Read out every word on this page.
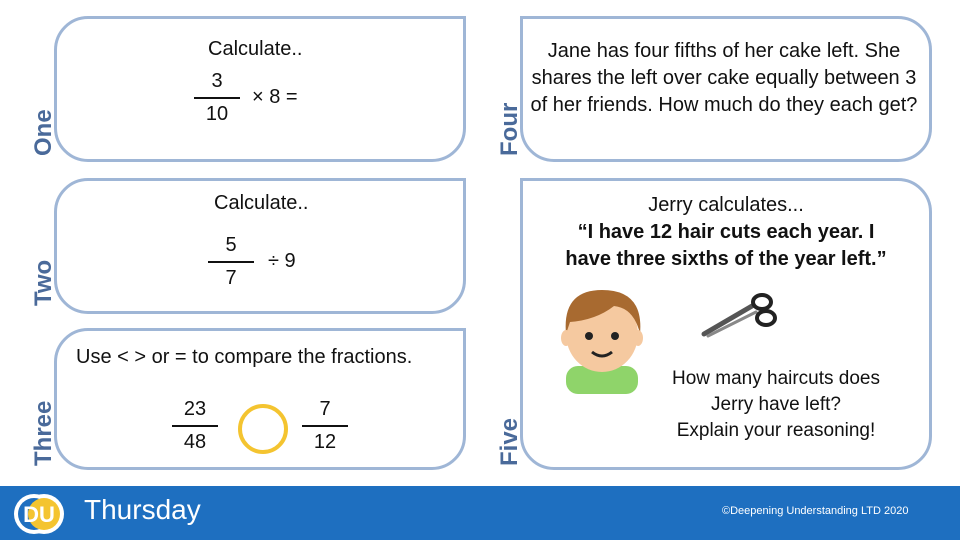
One
Calculate..
3
10
× 8 =
Two
Calculate..
5
7
÷ 9
Three
Use < > or = to compare the fractions.
23
48
7
12
Four
Jane has four fifths of her cake left. She shares the left over cake equally between 3 of her friends. How much do they each get?
Five
Jerry calculates...
“I have 12 hair cuts each year. I
have three sixths of the year left.”
How many haircuts does
Jerry have left?
Explain your reasoning!
DU Thursday	©Deepening Understanding LTD 2020
